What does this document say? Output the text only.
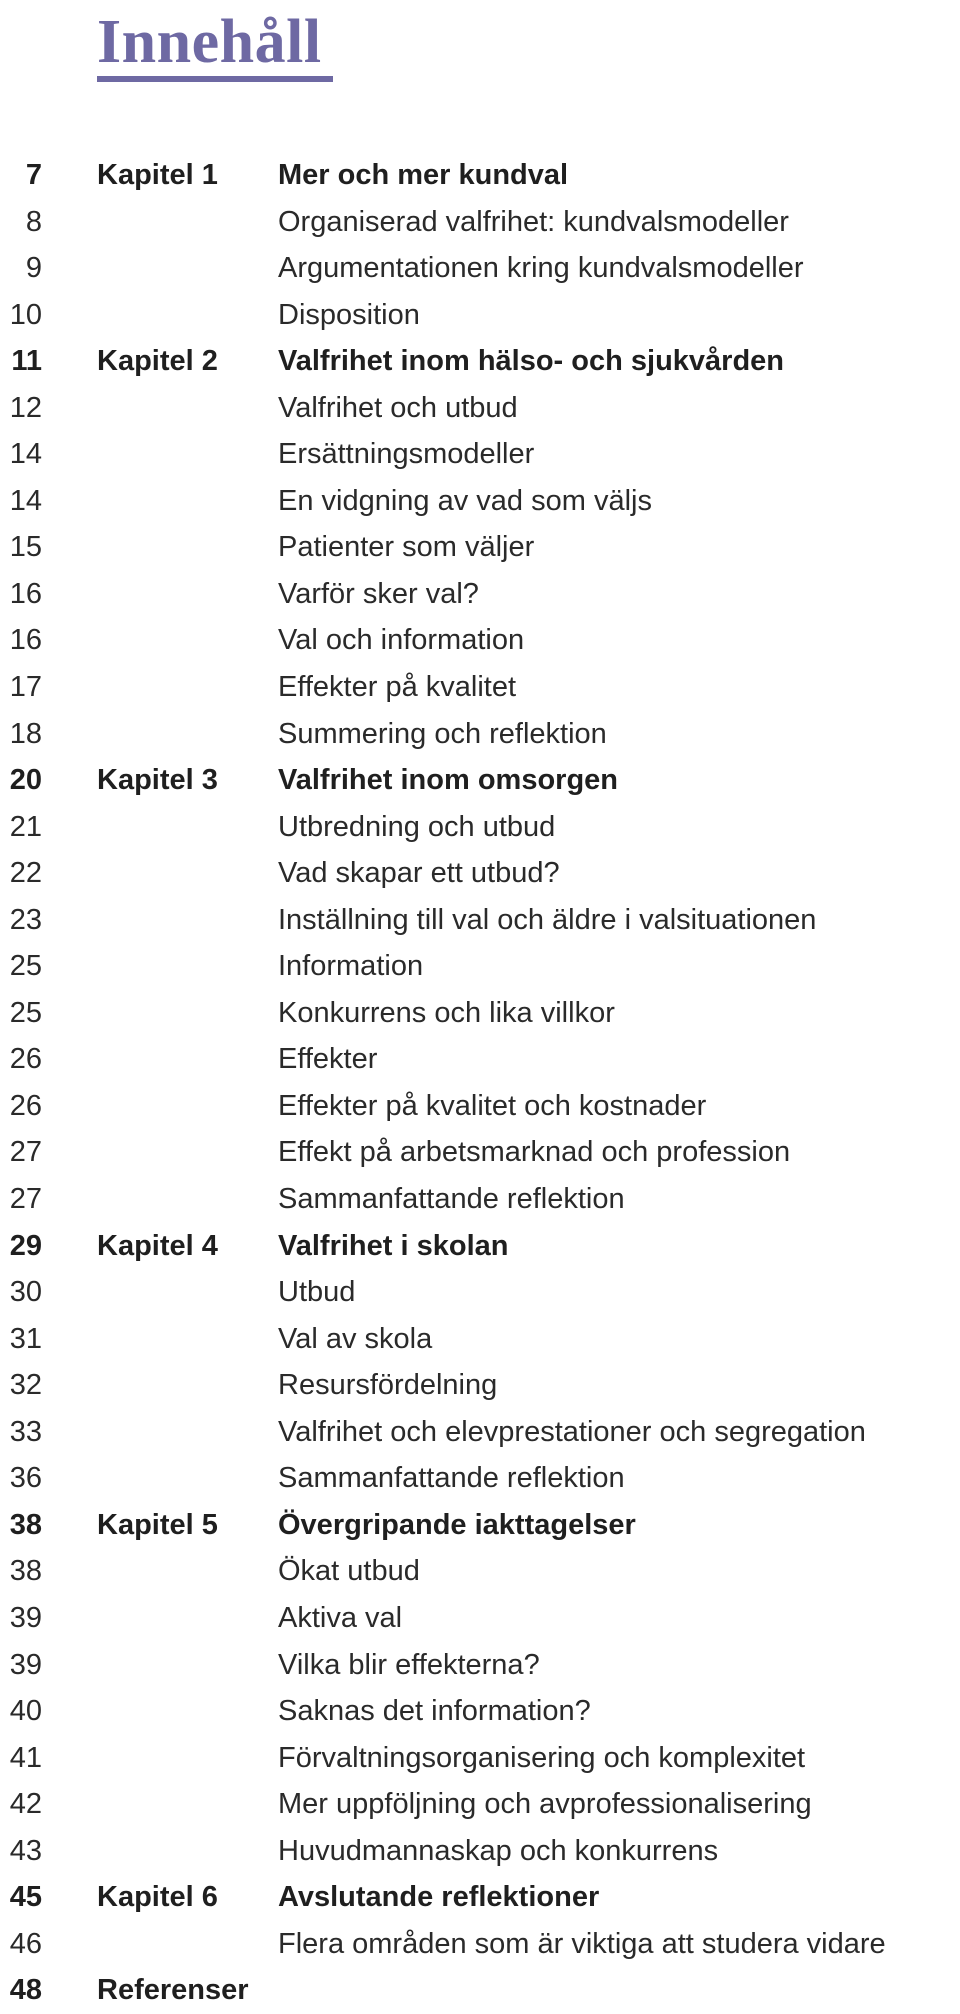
Innehåll
7 Kapitel 1 Mer och mer kundval
8	Organiserad valfrihet: kundvalsmodeller
9	Argumentationen kring kundvalsmodeller
10	Disposition
11 Kapitel 2 Valfrihet inom hälso- och sjukvården
12	Valfrihet och utbud
14	Ersättningsmodeller
14	En vidgning av vad som väljs
15	Patienter som väljer
16	Varför sker val?
16	Val och information
17	Effekter på kvalitet
18	Summering och reflektion
20 Kapitel 3 Valfrihet inom omsorgen
21	Utbredning och utbud
22	Vad skapar ett utbud?
23	Inställning till val och äldre i valsituationen
25	Information
25	Konkurrens och lika villkor
26	Effekter
26	Effekter på kvalitet och kostnader
27	Effekt på arbetsmarknad och profession
27	Sammanfattande reflektion
29 Kapitel 4 Valfrihet i skolan
30	Utbud
31	Val av skola
32	Resursfördelning
33	Valfrihet och elevprestationer och segregation
36	Sammanfattande reflektion
38 Kapitel 5 Övergripande iakttagelser
38	Ökat utbud
39	Aktiva val
39	Vilka blir effekterna?
40	Saknas det information?
41	Förvaltningsorganisering och komplexitet
42	Mer uppföljning och avprofessionalisering
43	Huvudmannaskap och konkurrens
45 Kapitel 6 Avslutande reflektioner
46	Flera områden som är viktiga att studera vidare
48 Referenser
